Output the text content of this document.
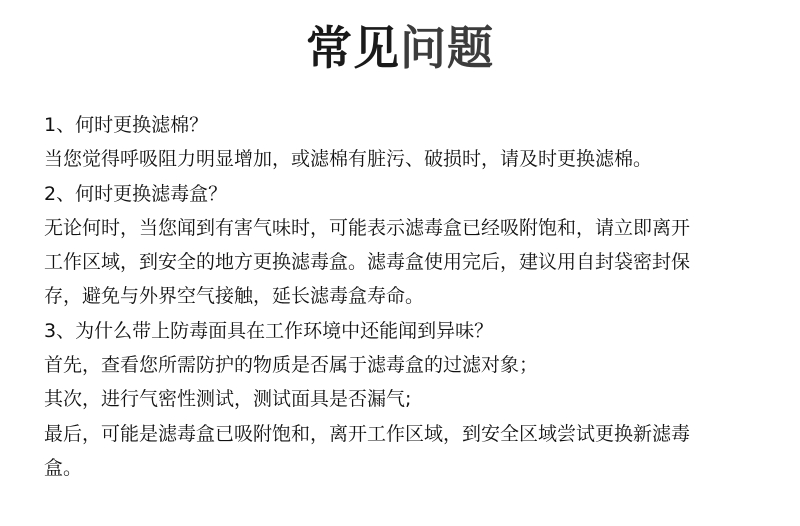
常见问题
1、何时更换滤棉？
当您觉得呼吸阻力明显增加，或滤棉有脏污、破损时，请及时更换滤棉。
2、何时更换滤毒盒？
无论何时，当您闻到有害气味时，可能表示滤毒盒已经吸附饱和，请立即离开
工作区域，到安全的地方更换滤毒盒。滤毒盒使用完后，建议用自封袋密封保
存，避免与外界空气接触，延长滤毒盒寿命。
3、为什么带上防毒面具在工作环境中还能闻到异味？
首先，查看您所需防护的物质是否属于滤毒盒的过滤对象；
其次，进行气密性测试，测试面具是否漏气;
最后，可能是滤毒盒已吸附饱和，离开工作区域，到安全区域尝试更换新滤毒
盒。
